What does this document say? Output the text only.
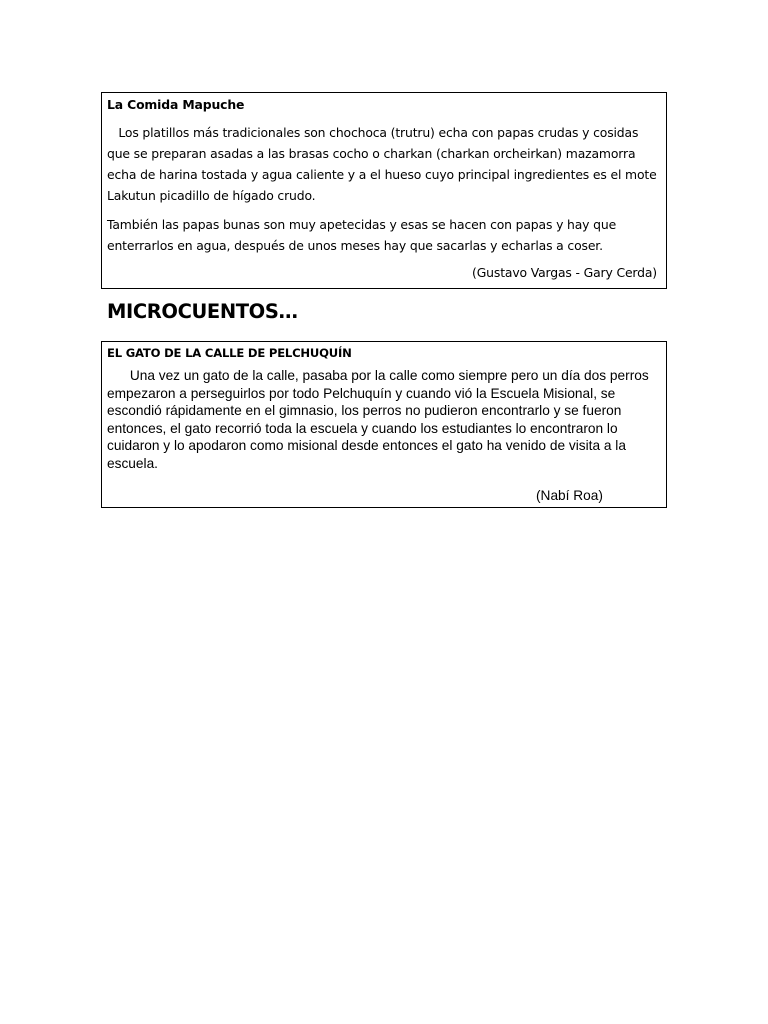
La Comida Mapuche

Los platillos más tradicionales son chochoca (trutru) echa con papas crudas y cosidas que se preparan asadas a las brasas cocho o charkan (charkan orcheirkan) mazamorra echa de harina tostada y agua caliente y a el hueso cuyo principal ingredientes es el mote Lakutun picadillo de hígado crudo.

También las papas bunas son muy apetecidas y esas se hacen con papas y hay que enterrarlos en agua, después de unos meses hay que sacarlas y echarlas a coser.

(Gustavo Vargas - Gary Cerda)
MICROCUENTOS…
EL GATO DE LA CALLE DE PELCHUQUÍN

Una vez un gato de la calle, pasaba por la calle como siempre pero un día dos perros empezaron a perseguirlos por todo Pelchuquín y cuando vió la Escuela Misional, se escondió rápidamente en el gimnasio, los perros no pudieron encontrarlo y se fueron entonces, el gato recorrió toda la escuela y cuando los estudiantes lo encontraron lo cuidaron y lo apodaron como misional desde entonces el gato ha venido de visita a la escuela.

(Nabí Roa)
